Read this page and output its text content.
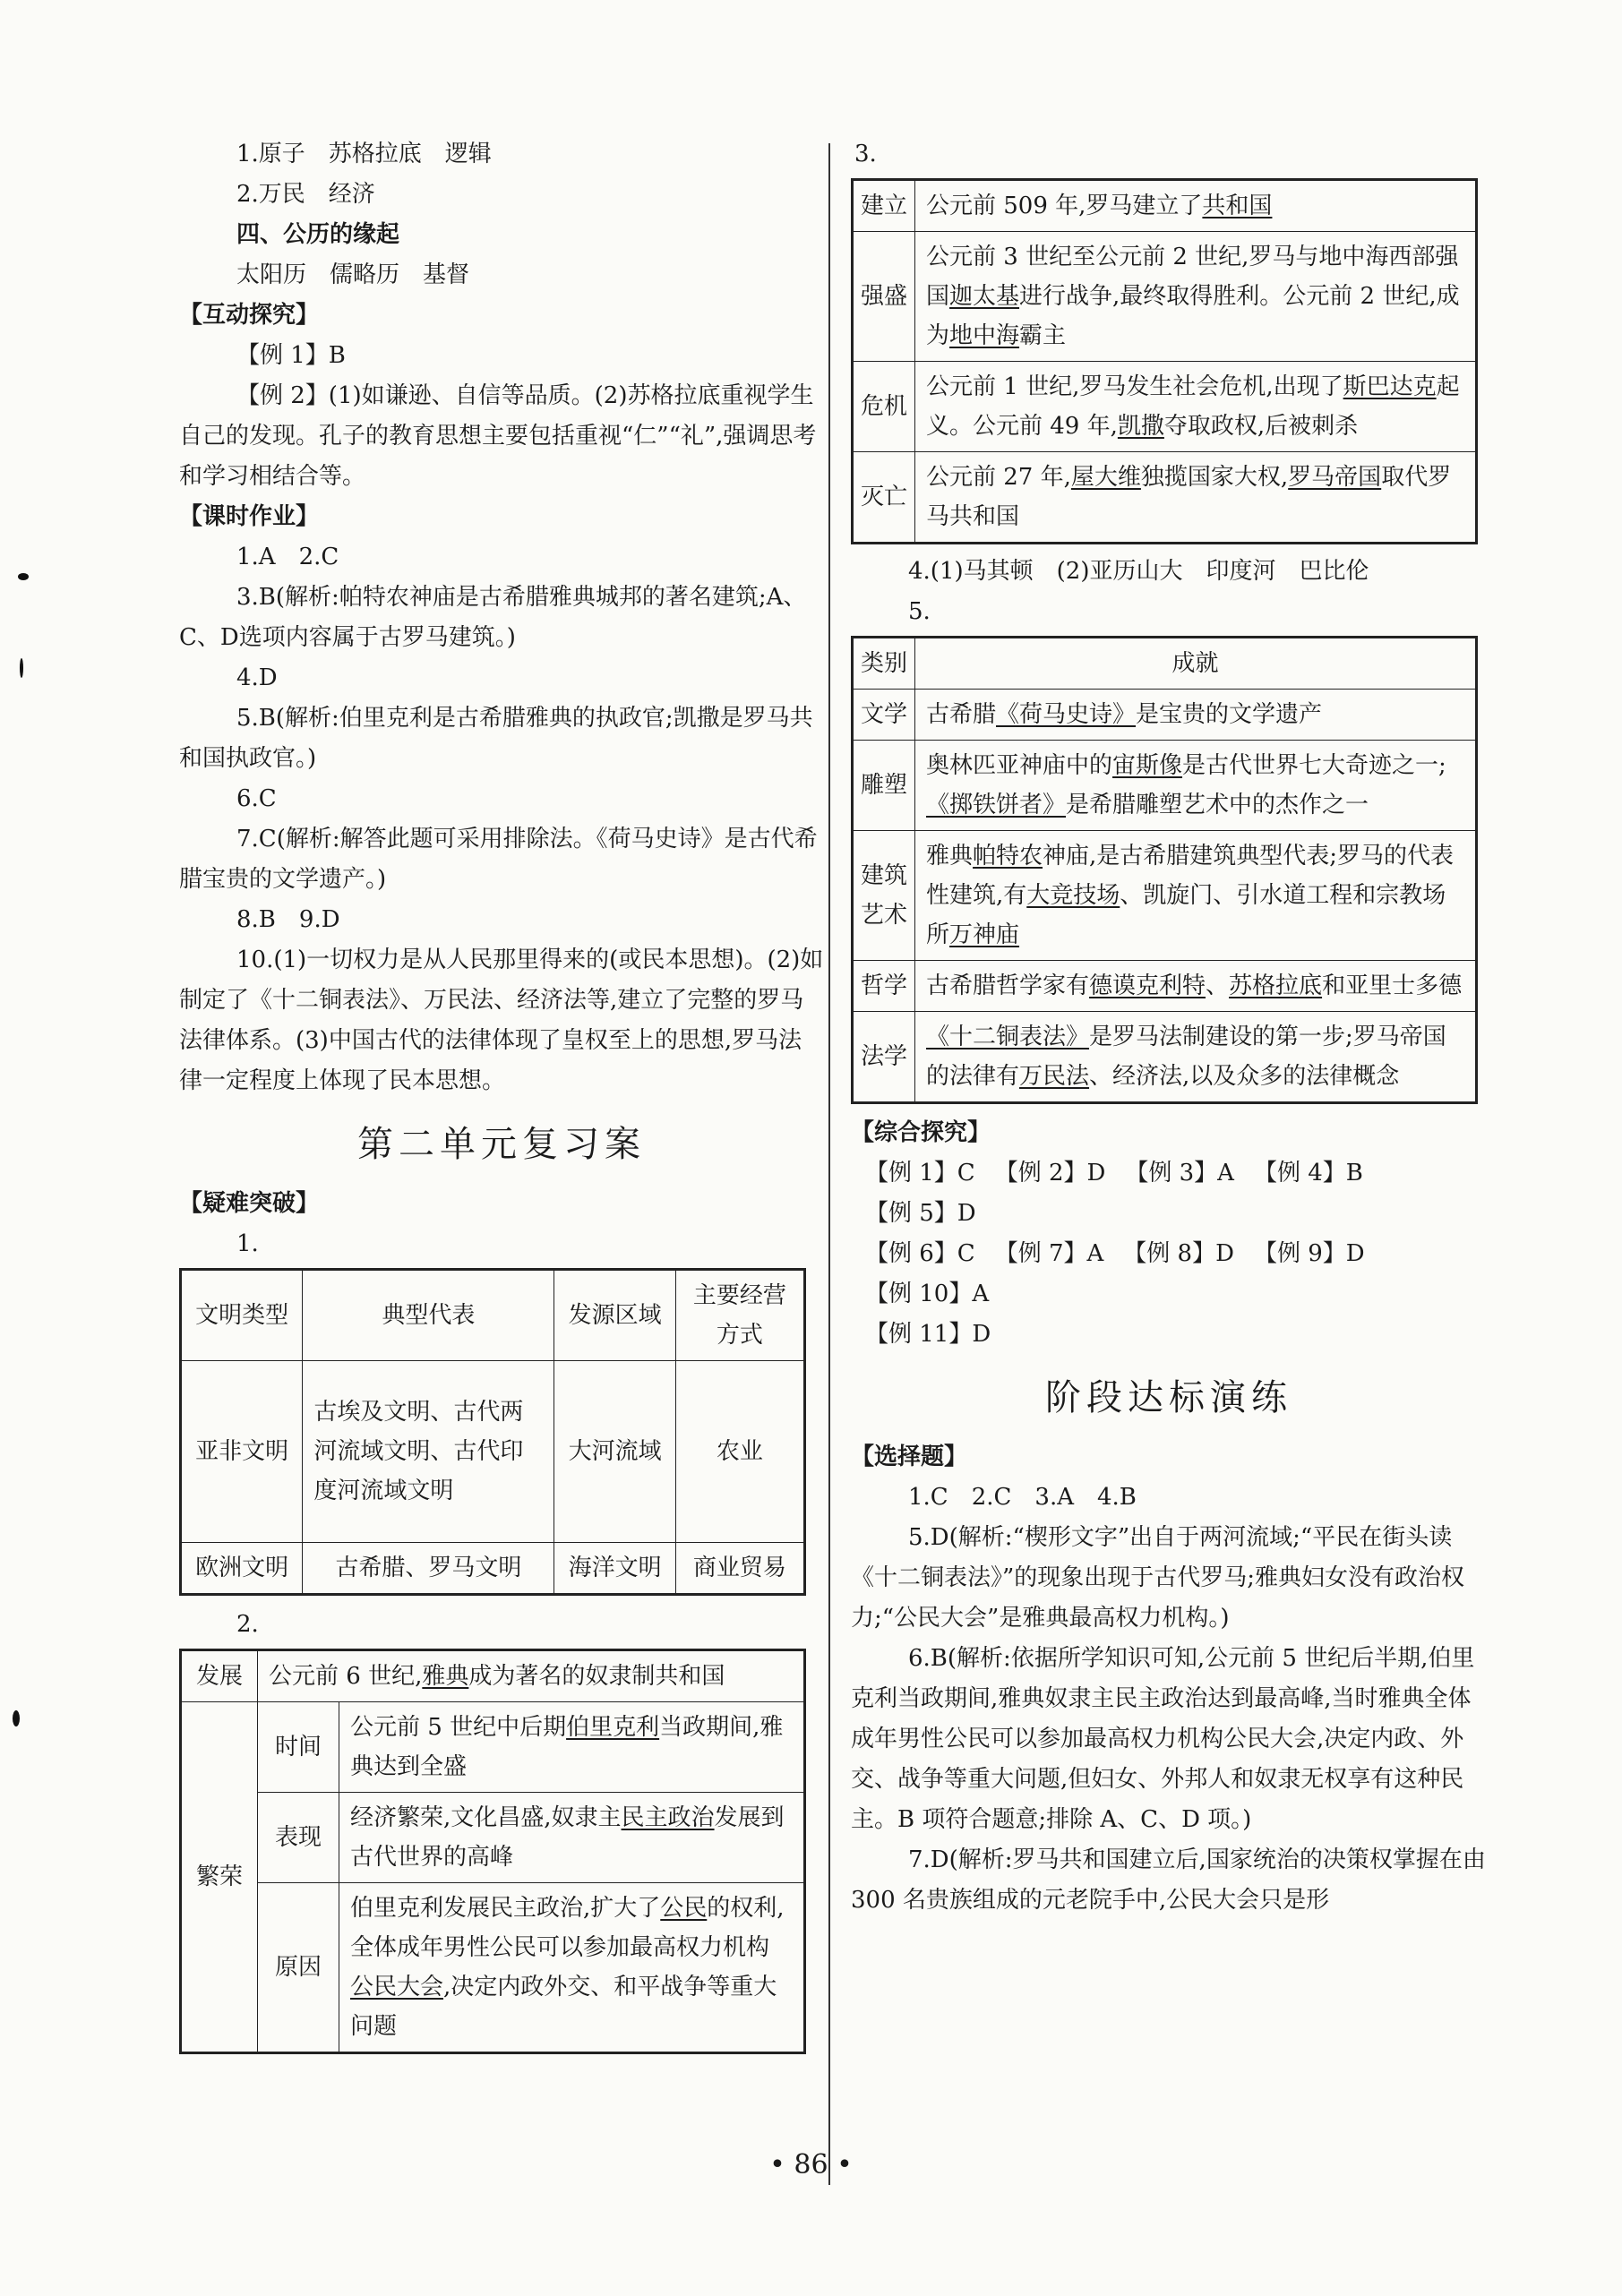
1.原子　苏格拉底　逻辑

2.万民　经济

四、公历的缘起

太阳历　儒略历　基督

【互动探究】

【例 1】B

【例 2】(1)如谦逊、自信等品质。(2)苏格拉底重视学生自己的发现。孔子的教育思想主要包括重视“仁”“礼”,强调思考和学习相结合等。

【课时作业】

1.A　2.C

3.B(解析:帕特农神庙是古希腊雅典城邦的著名建筑;A、C、D选项内容属于古罗马建筑。)

4.D

5.B(解析:伯里克利是古希腊雅典的执政官;凯撒是罗马共和国执政官。)

6.C

7.C(解析:解答此题可采用排除法。《荷马史诗》是古代希腊宝贵的文学遗产。)

8.B　9.D

10.(1)一切权力是从人民那里得来的(或民本思想)。(2)如制定了《十二铜表法》、万民法、经济法等,建立了完整的罗马法律体系。(3)中国古代的法律体现了皇权至上的思想,罗马法律一定程度上体现了民本思想。

第二单元复习案

【疑难突破】

1.

文明类型	典型代表	发源区域	主要经营方式
亚非文明	古埃及文明、古代两河流域文明、古代印度河流域文明	大河流域	农业
欧洲文明	古希腊、罗马文明	海洋文明	商业贸易

2.

发展	公元前 6 世纪,雅典成为著名的奴隶制共和国	
繁荣	时间	公元前 5 世纪中后期伯里克利当政期间,雅典达到全盛
	表现	经济繁荣,文化昌盛,奴隶主民主政治发展到古代世界的高峰
	原因	伯里克利发展民主政治,扩大了公民的权利,全体成年男性公民可以参加最高权力机构公民大会,决定内政外交、和平战争等重大问题

3.

建立	公元前 509 年,罗马建立了共和国
强盛	公元前 3 世纪至公元前 2 世纪,罗马与地中海西部强国迦太基进行战争,最终取得胜利。公元前 2 世纪,成为地中海霸主
危机	公元前 1 世纪,罗马发生社会危机,出现了斯巴达克起义。公元前 49 年,凯撒夺取政权,后被刺杀
灭亡	公元前 27 年,屋大维独揽国家大权,罗马帝国取代罗马共和国

4.(1)马其顿　(2)亚历山大　印度河　巴比伦

5.

类别	成就
文学	古希腊《荷马史诗》是宝贵的文学遗产
雕塑	奥林匹亚神庙中的宙斯像是古代世界七大奇迹之一;《掷铁饼者》是希腊雕塑艺术中的杰作之一
建筑艺术	雅典帕特农神庙,是古希腊建筑典型代表;罗马的代表性建筑,有大竞技场、凯旋门、引水道工程和宗教场所万神庙
哲学	古希腊哲学家有德谟克利特、苏格拉底和亚里士多德
法学	《十二铜表法》是罗马法制建设的第一步;罗马帝国的法律有万民法、经济法,以及众多的法律概念

【综合探究】

【例 1】C 【例 2】D 【例 3】A 【例 4】B【例 5】D

【例 6】C 【例 7】A 【例 8】D 【例 9】D【例 10】A

【例 11】D

阶段达标演练

【选择题】

1.C　2.C　3.A　4.B

5.D(解析:“楔形文字”出自于两河流域;“平民在街头读《十二铜表法》”的现象出现于古代罗马;雅典妇女没有政治权力;“公民大会”是雅典最高权力机构。)

6.B(解析:依据所学知识可知,公元前 5 世纪后半期,伯里克利当政期间,雅典奴隶主民主政治达到最高峰,当时雅典全体成年男性公民可以参加最高权力机构公民大会,决定内政、外交、战争等重大问题,但妇女、外邦人和奴隶无权享有这种民主。B 项符合题意;排除 A、C、D 项。)

7.D(解析:罗马共和国建立后,国家统治的决策权掌握在由 300 名贵族组成的元老院手中,公民大会只是形

• 86 •
